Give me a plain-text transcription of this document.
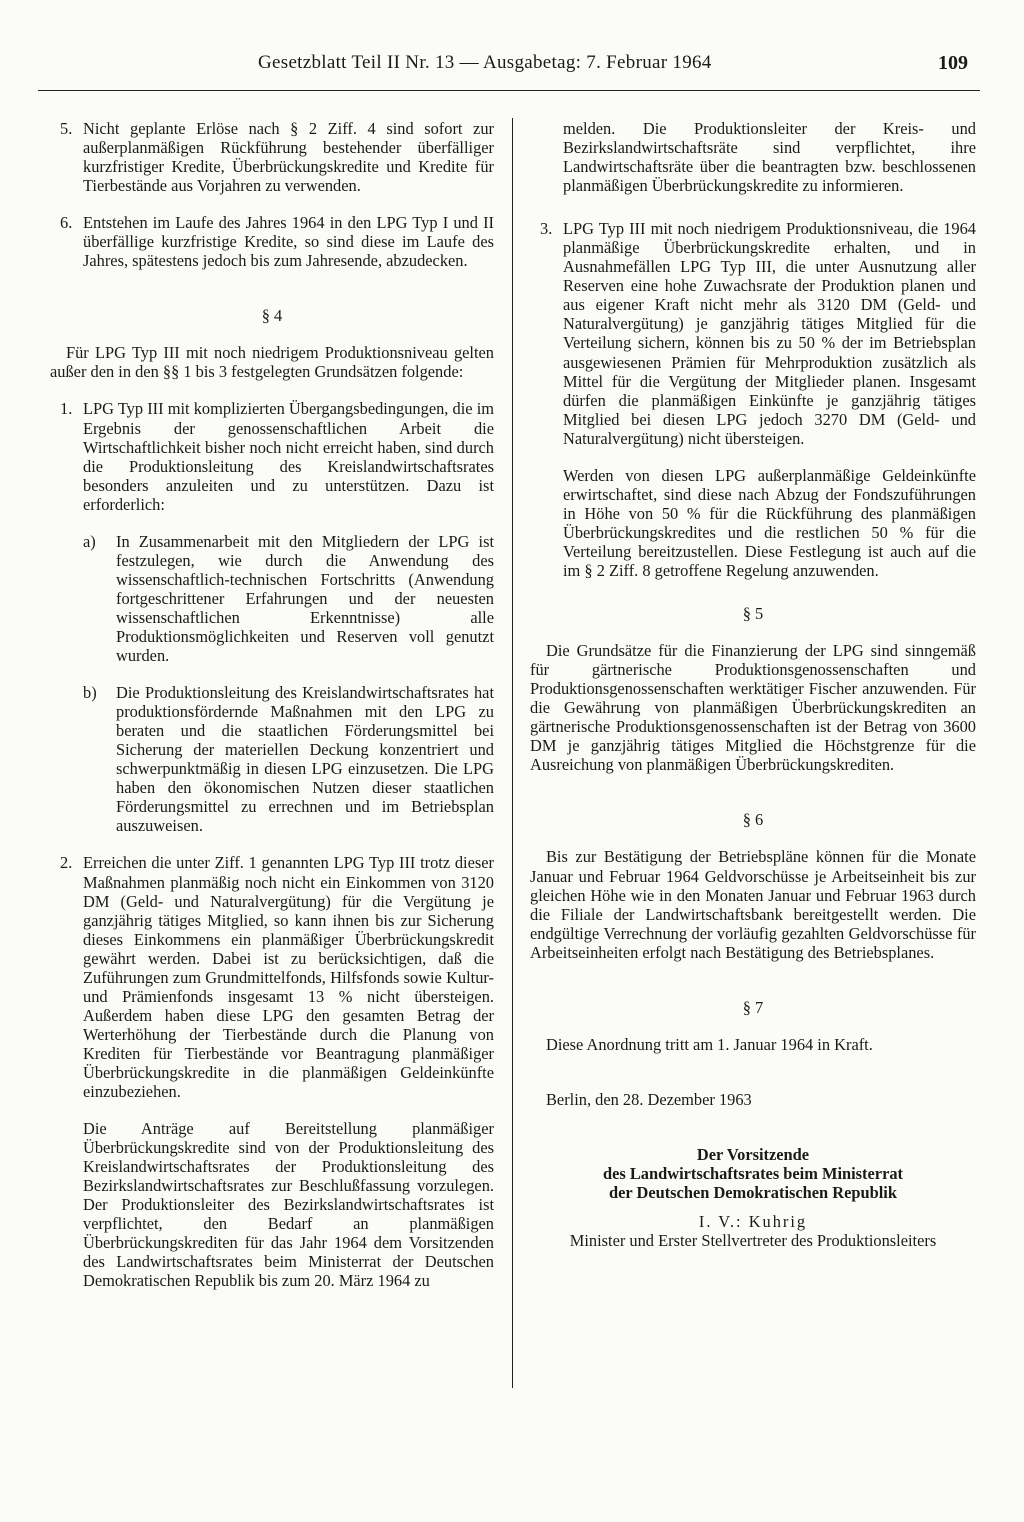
Gesetzblatt Teil II Nr. 13 — Ausgabetag: 7. Februar 1964	109
5. Nicht geplante Erlöse nach § 2 Ziff. 4 sind sofort zur außerplanmäßigen Rückführung bestehender überfälliger kurzfristiger Kredite, Überbrückungskredite und Kredite für Tierbestände aus Vorjahren zu verwenden.
6. Entstehen im Laufe des Jahres 1964 in den LPG Typ I und II überfällige kurzfristige Kredite, so sind diese im Laufe des Jahres, spätestens jedoch bis zum Jahresende, abzudecken.

§ 4

Für LPG Typ III mit noch niedrigem Produktionsniveau gelten außer den in den §§ 1 bis 3 festgelegten Grundsätzen folgende:

1. LPG Typ III mit komplizierten Übergangsbedingungen, die im Ergebnis der genossenschaftlichen Arbeit die Wirtschaftlichkeit bisher noch nicht erreicht haben, sind durch die Produktionsleitung des Kreislandwirtschaftsrates besonders anzuleiten und zu unterstützen. Dazu ist erforderlich:
a) In Zusammenarbeit mit den Mitgliedern der LPG ist festzulegen, wie durch die Anwendung des wissenschaftlich-technischen Fortschritts (Anwendung fortgeschrittener Erfahrungen und der neuesten wissenschaftlichen Erkenntnisse) alle Produktionsmöglichkeiten und Reserven voll genutzt wurden.
b) Die Produktionsleitung des Kreislandwirtschaftsrates hat produktionsfördernde Maßnahmen mit den LPG zu beraten und die staatlichen Förderungsmittel bei Sicherung der materiellen Deckung konzentriert und schwerpunktmäßig in diesen LPG einzusetzen. Die LPG haben den ökonomischen Nutzen dieser staatlichen Förderungsmittel zu errechnen und im Betriebsplan auszuweisen.
2. Erreichen die unter Ziff. 1 genannten LPG Typ III trotz dieser Maßnahmen planmäßig noch nicht ein Einkommen von 3120 DM (Geld- und Naturalvergütung) für die Vergütung je ganzjährig tätiges Mitglied, so kann ihnen bis zur Sicherung dieses Einkommens ein planmäßiger Überbrückungskredit gewährt werden. Dabei ist zu berücksichtigen, daß die Zuführungen zum Grundmittelfonds, Hilfsfonds sowie Kultur- und Prämienfonds insgesamt 13 % nicht übersteigen. Außerdem haben diese LPG den gesamten Betrag der Werterhöhung der Tierbestände durch die Planung von Krediten für Tierbestände vor Beantragung planmäßiger Überbrückungskredite in die planmäßigen Geldeinkünfte einzubeziehen.
Die Anträge auf Bereitstellung planmäßiger Überbrückungskredite sind von der Produktionsleitung des Kreislandwirtschaftsrates der Produktionsleitung des Bezirkslandwirtschaftsrates zur Beschlußfassung vorzulegen. Der Produktionsleiter des Bezirkslandwirtschaftsrates ist verpflichtet, den Bedarf an planmäßigen Überbrückungskrediten für das Jahr 1964 dem Vorsitzenden des Landwirtschaftsrates beim Ministerrat der Deutschen Demokratischen Republik bis zum 20. März 1964 zu
melden. Die Produktionsleiter der Kreis- und Bezirkslandwirtschaftsräte sind verpflichtet, ihre Landwirtschaftsräte über die beantragten bzw. beschlossenen planmäßigen Überbrückungskredite zu informieren.
3. LPG Typ III mit noch niedrigem Produktionsniveau, die 1964 planmäßige Überbrückungskredite erhalten, und in Ausnahmefällen LPG Typ III, die unter Ausnutzung aller Reserven eine hohe Zuwachsrate der Produktion planen und aus eigener Kraft nicht mehr als 3120 DM (Geld- und Naturalvergütung) je ganzjährig tätiges Mitglied für die Verteilung sichern, können bis zu 50 % der im Betriebsplan ausgewiesenen Prämien für Mehrproduktion zusätzlich als Mittel für die Vergütung der Mitglieder planen. Insgesamt dürfen die planmäßigen Einkünfte je ganzjährig tätiges Mitglied bei diesen LPG jedoch 3270 DM (Geld- und Naturalvergütung) nicht übersteigen.
Werden von diesen LPG außerplanmäßige Geldeinkünfte erwirtschaftet, sind diese nach Abzug der Fondszuführungen in Höhe von 50 % für die Rückführung des planmäßigen Überbrückungskredites und die restlichen 50 % für die Verteilung bereitzustellen. Diese Festlegung ist auch auf die im § 2 Ziff. 8 getroffene Regelung anzuwenden.

§ 5

Die Grundsätze für die Finanzierung der LPG sind sinngemäß für gärtnerische Produktionsgenossenschaften und Produktionsgenossenschaften werktätiger Fischer anzuwenden. Für die Gewährung von planmäßigen Überbrückungskrediten an gärtnerische Produktionsgenossenschaften ist der Betrag von 3600 DM je ganzjährig tätiges Mitglied die Höchstgrenze für die Ausreichung von planmäßigen Überbrückungskrediten.

§ 6

Bis zur Bestätigung der Betriebspläne können für die Monate Januar und Februar 1964 Geldvorschüsse je Arbeitseinheit bis zur gleichen Höhe wie in den Monaten Januar und Februar 1963 durch die Filiale der Landwirtschaftsbank bereitgestellt werden. Die endgültige Verrechnung der vorläufig gezahlten Geldvorschüsse für Arbeitseinheiten erfolgt nach Bestätigung des Betriebsplanes.

§ 7

Diese Anordnung tritt am 1. Januar 1964 in Kraft.

Berlin, den 28. Dezember 1963

Der Vorsitzende
des Landwirtschaftsrates beim Ministerrat
der Deutschen Demokratischen Republik
I. V.: Kuhrig
Minister und Erster Stellvertreter des Produktionsleiters
